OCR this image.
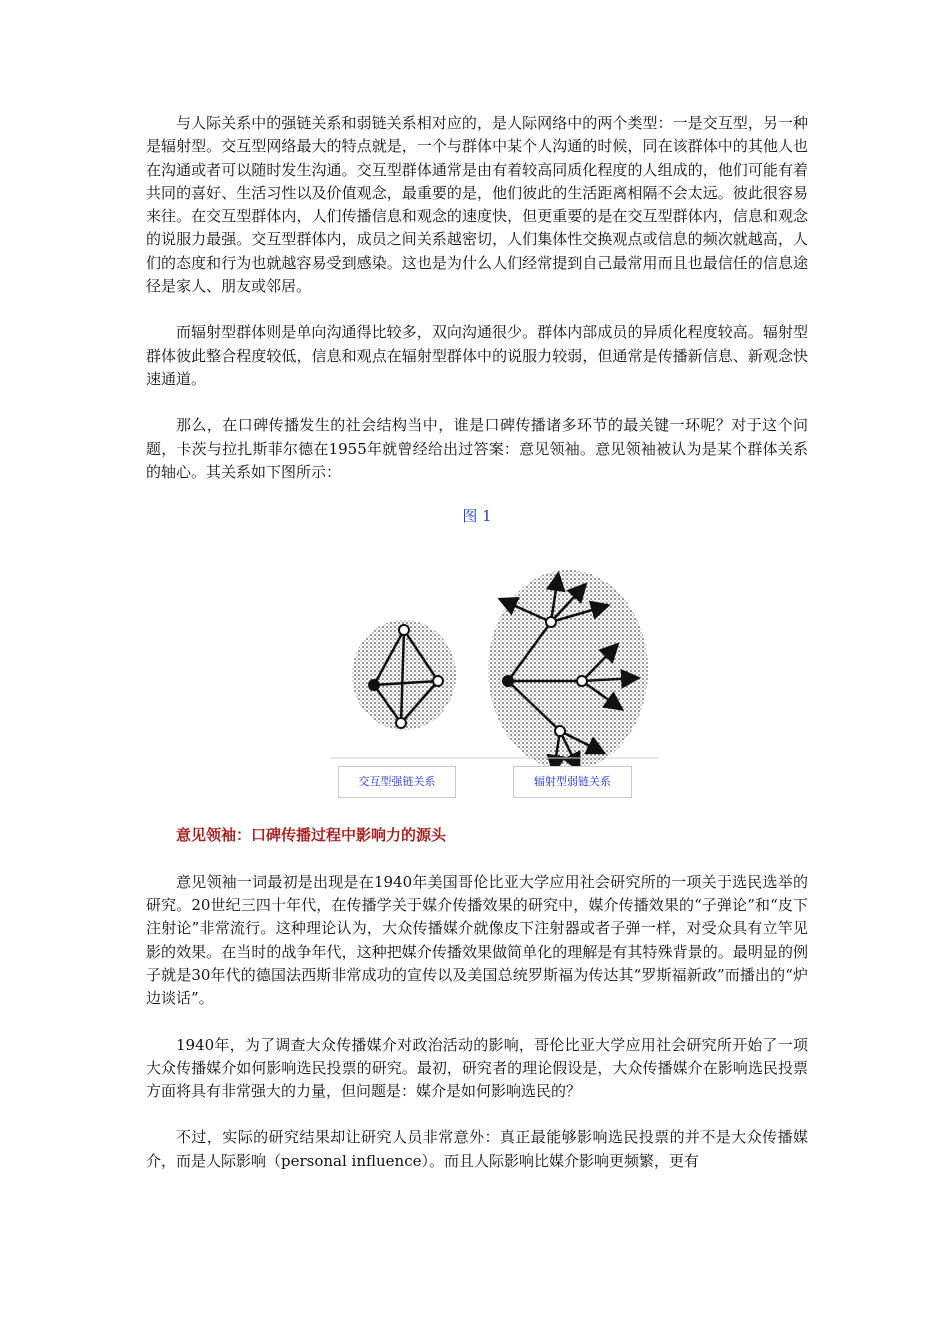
与人际关系中的强链关系和弱链关系相对应的，是人际网络中的两个类型：一是交互型，另一种是辐射型。交互型网络最大的特点就是，一个与群体中某个人沟通的时候，同在该群体中的其他人也在沟通或者可以随时发生沟通。交互型群体通常是由有着较高同质化程度的人组成的，他们可能有着共同的喜好、生活习性以及价值观念，最重要的是，他们彼此的生活距离相隔不会太远。彼此很容易来往。在交互型群体内，人们传播信息和观念的速度快，但更重要的是在交互型群体内，信息和观念的说服力最强。交互型群体内，成员之间关系越密切，人们集体性交换观点或信息的频次就越高，人们的态度和行为也就越容易受到感染。这也是为什么人们经常提到自己最常用而且也最信任的信息途径是家人、朋友或邻居。

而辐射型群体则是单向沟通得比较多，双向沟通很少。群体内部成员的异质化程度较高。辐射型群体彼此整合程度较低，信息和观点在辐射型群体中的说服力较弱，但通常是传播新信息、新观念快速通道。

那么，在口碑传播发生的社会结构当中，谁是口碑传播诸多环节的最关键一环呢？对于这个问题，卡茨与拉扎斯菲尔德在1955年就曾经给出过答案：意见领袖。意见领袖被认为是某个群体关系的轴心。其关系如下图所示：

图 1
交互型强链关系	辐射型弱链关系
意见领袖：口碑传播过程中影响力的源头

意见领袖一词最初是出现是在1940年美国哥伦比亚大学应用社会研究所的一项关于选民选举的研究。20世纪三四十年代，在传播学关于媒介传播效果的研究中，媒介传播效果的“子弹论”和“皮下注射论”非常流行。这种理论认为，大众传播媒介就像皮下注射器或者子弹一样，对受众具有立竿见影的效果。在当时的战争年代，这种把媒介传播效果做简单化的理解是有其特殊背景的。最明显的例子就是30年代的德国法西斯非常成功的宣传以及美国总统罗斯福为传达其“罗斯福新政”而播出的“炉边谈话”。

1940年，为了调查大众传播媒介对政治活动的影响，哥伦比亚大学应用社会研究所开始了一项大众传播媒介如何影响选民投票的研究。最初，研究者的理论假设是，大众传播媒介在影响选民投票方面将具有非常强大的力量，但问题是：媒介是如何影响选民的？

不过，实际的研究结果却让研究人员非常意外：真正最能够影响选民投票的并不是大众传播媒介，而是人际影响（personal influence）。而且人际影响比媒介影响更频繁，更有
